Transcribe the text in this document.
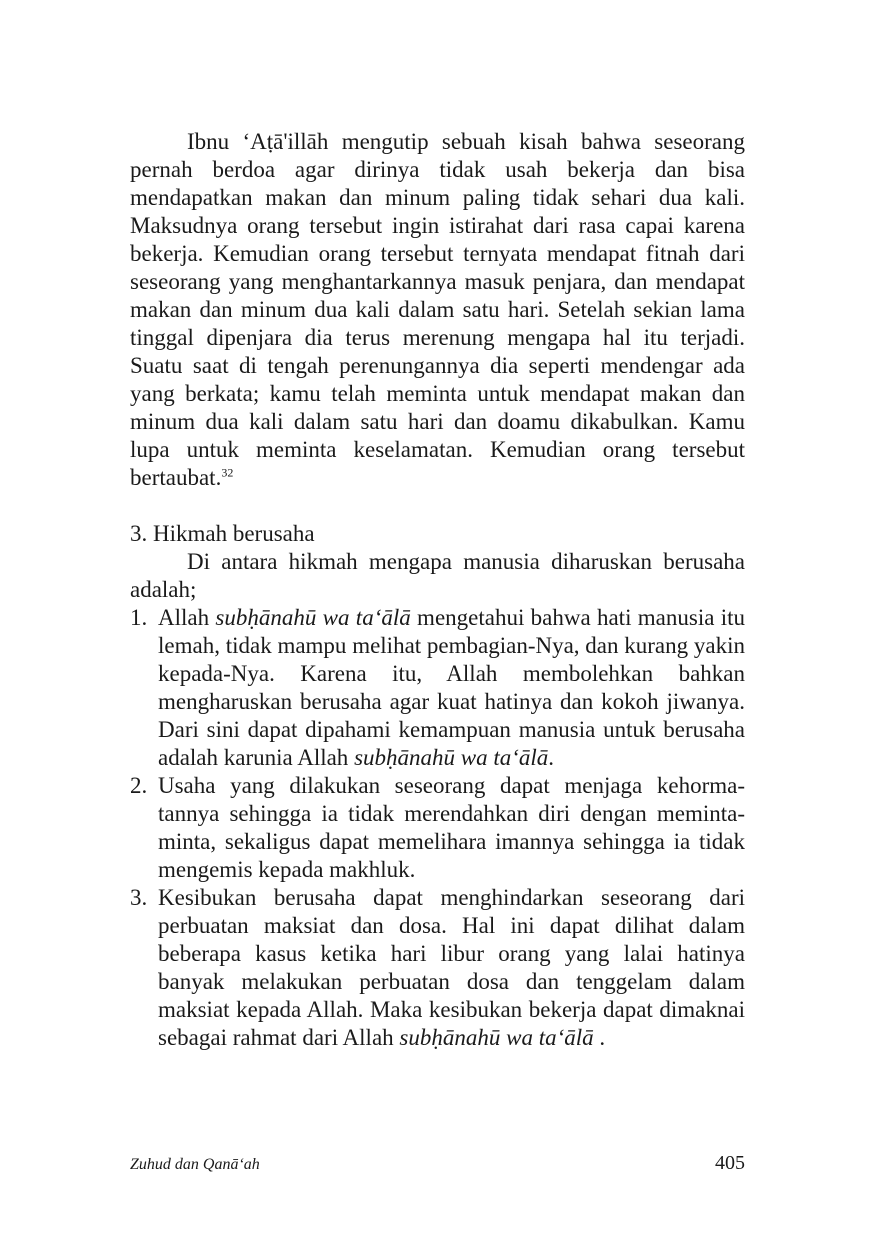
Ibnu ‘Aṭā'illāh mengutip sebuah kisah bahwa seseorang pernah berdoa agar dirinya tidak usah bekerja dan bisa mendapatkan makan dan minum paling tidak sehari dua kali. Maksudnya orang tersebut ingin istirahat dari rasa capai karena bekerja. Kemudian orang tersebut ternyata mendapat fitnah dari seseorang yang menghantarkannya masuk penjara, dan mendapat makan dan minum dua kali dalam satu hari. Setelah sekian lama tinggal dipenjara dia terus merenung mengapa hal itu terjadi. Suatu saat di tengah perenungannya dia seperti mendengar ada yang berkata; kamu telah meminta untuk mendapat makan dan minum dua kali dalam satu hari dan doamu dikabulkan. Kamu lupa untuk meminta keselamatan. Kemudian orang tersebut bertaubat.$^{32}$

3. Hikmah berusaha

Di antara hikmah mengapa manusia diharuskan berusaha adalah;

1. Allah subḥānahū wa ta‘ālā mengetahui bahwa hati manusia itu lemah, tidak mampu melihat pembagian-Nya, dan kurang yakin kepada-Nya. Karena itu, Allah membolehkan bahkan mengharuskan berusaha agar kuat hatinya dan kokoh jiwanya. Dari sini dapat dipahami kemampuan manusia untuk berusaha adalah karunia Allah subḥānahū wa ta‘ālā.
2. Usaha yang dilakukan seseorang dapat menjaga kehorma-tannya sehingga ia tidak merendahkan diri dengan meminta-minta, sekaligus dapat memelihara imannya sehingga ia tidak mengemis kepada makhluk.
3. Kesibukan berusaha dapat menghindarkan seseorang dari perbuatan maksiat dan dosa. Hal ini dapat dilihat dalam beberapa kasus ketika hari libur orang yang lalai hatinya banyak melakukan perbuatan dosa dan tenggelam dalam maksiat kepada Allah. Maka kesibukan bekerja dapat dimaknai sebagai rahmat dari Allah subḥānahū wa ta‘ālā .
Zuhud dan Qanā‘ah	405
